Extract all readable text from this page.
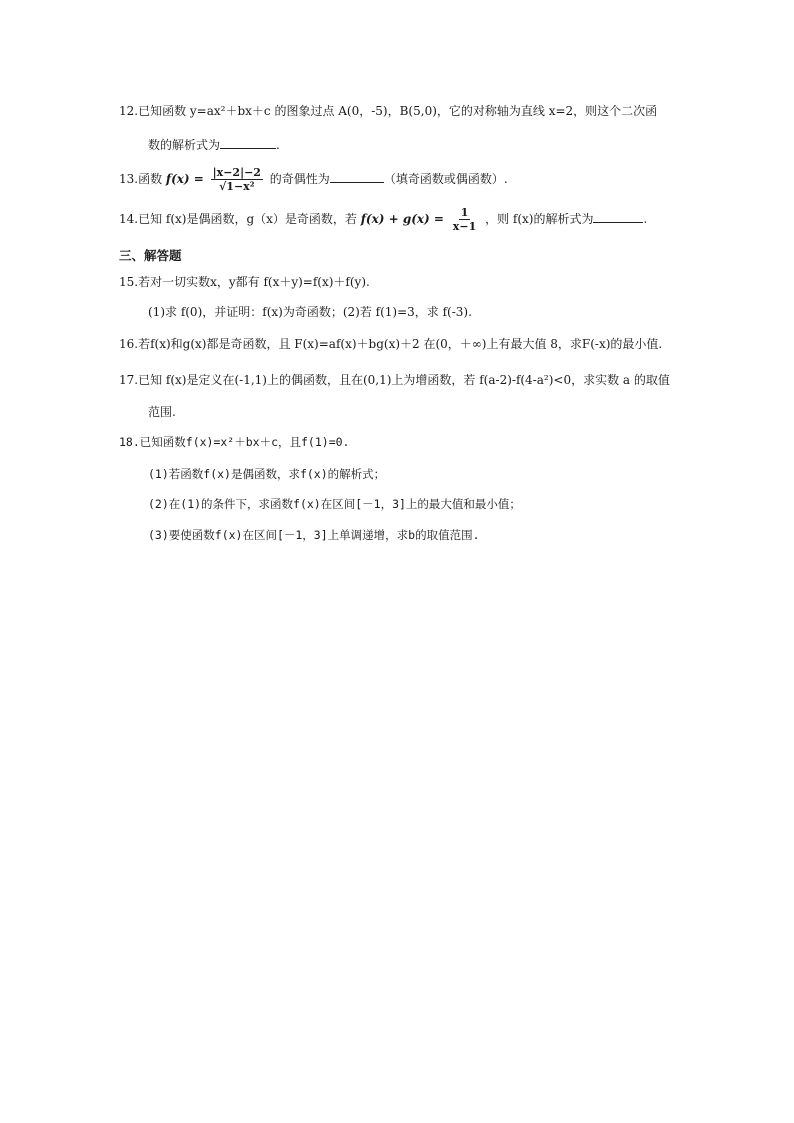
12.已知函数 y=ax²＋bx＋c 的图象过点 A(0，-5)，B(5,0)，它的对称轴为直线 x=2，则这个二次函
数的解析式为	.
13.函数 $f(x) = \frac{|x-2|-2}{\text{√1−x²}}$ 的奇偶性为	（填奇函数或偶函数）.
14.已知 f(x)是偶函数，g（x）是奇函数，若 $f(x) + g(x) = \frac{1}{x-1}$ ，则 f(x)的解析式为	.
三、解答题
15.若对一切实数x，y都有 f(x＋y)=f(x)＋f(y).
(1)求 f(0)，并证明：f(x)为奇函数；(2)若 f(1)=3，求 f(-3).
16.若f(x)和g(x)都是奇函数，且 F(x)=af(x)＋bg(x)＋2 在(0，＋∞)上有最大值 8，求F(-x)的最小值.
17.已知 f(x)是定义在(-1,1)上的偶函数，且在(0,1)上为增函数，若 f(a-2)-f(4-a²)<0，求实数 a 的取值
范围.
18.已知函数f(x)=x²＋bx＋c，且f(1)=0.
(1)若函数f(x)是偶函数，求f(x)的解析式；
(2)在(1)的条件下，求函数f(x)在区间[－1，3]上的最大值和最小值；
(3)要使函数f(x)在区间[－1，3]上单调递增，求b的取值范围.
